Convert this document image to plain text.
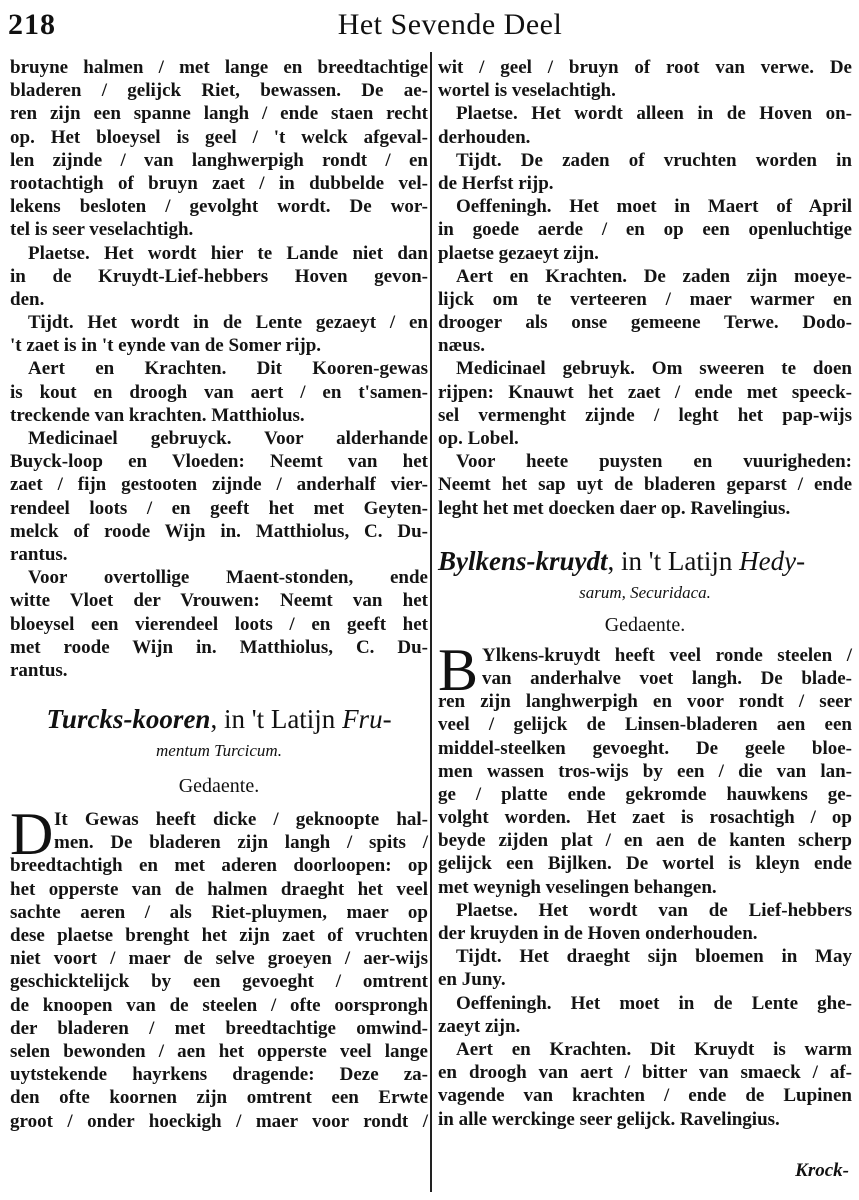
218	Het Sevende Deel
bruyne halmen / met lange en breedtachtige
bladeren / gelijck Riet, bewassen. De ae-
ren zijn een spanne langh / ende staen recht
op. Het bloeysel is geel / 't welck afgeval-
len zijnde / van langhwerpigh rondt / en
rootachtigh of bruyn zaet / in dubbelde vel-
lekens besloten / gevolght wordt. De wor-
tel is seer veselachtigh.
Plaetse. Het wordt hier te Lande niet dan
in de Kruydt-Lief-hebbers Hoven gevon-
den.
Tijdt. Het wordt in de Lente gezaeyt / en
't zaet is in 't eynde van de Somer rijp.
Aert en Krachten. Dit Kooren-gewas
is kout en droogh van aert / en t'samen-
treckende van krachten. Matthiolus.
Medicinael gebruyck. Voor alderhande
Buyck-loop en Vloeden: Neemt van het
zaet / fijn gestooten zijnde / anderhalf vier-
rendeel loots / en geeft het met Geyten-
melck of roode Wijn in. Matthiolus, C. Du-
rantus.
Voor overtollige Maent-stonden, ende
witte Vloet der Vrouwen: Neemt van het
bloeysel een vierendeel loots / en geeft het
met roode Wijn in. Matthiolus, C. Du-
rantus.
Turcks-kooren, in 't Latijn Fru-
mentum Turcicum.
Gedaente.
D It Gewas heeft dicke / geknoopte hal-
men. De bladeren zijn langh / spits /
breedtachtigh en met aderen doorloopen: op
het opperste van de halmen draeght het veel
sachte aeren / als Riet-pluymen, maer op
dese plaetse brenght het zijn zaet of vruchten
niet voort / maer de selve groeyen / aer-wijs
geschicktelijck by een gevoeght / omtrent
de knoopen van de steelen / ofte oorsprongh
der bladeren / met breedtachtige omwind-
selen bewonden / aen het opperste veel lange
uytstekende hayrkens dragende: Deze za-
den ofte koornen zijn omtrent een Erwte
groot / onder hoeckigh / maer voor rondt /
wit / geel / bruyn of root van verwe. De
wortel is veselachtigh.
Plaetse. Het wordt alleen in de Hoven on-
derhouden.
Tijdt. De zaden of vruchten worden in
de Herfst rijp.
Oeffeningh. Het moet in Maert of April
in goede aerde / en op een openluchtige
plaetse gezaeyt zijn.
Aert en Krachten. De zaden zijn moeye-
lijck om te verteeren / maer warmer en
drooger als onse gemeene Terwe. Dodo-
næus.
Medicinael gebruyk. Om sweeren te doen
rijpen: Knauwt het zaet / ende met speeck-
sel vermenght zijnde / leght het pap-wijs
op. Lobel.
Voor heete puysten en vuurigheden:
Neemt het sap uyt de bladeren geparst / ende
leght het met doecken daer op. Ravelingius.
Bylkens-kruydt, in 't Latijn Hedy-
sarum, Securidaca.
Gedaente.
B Ylkens-kruydt heeft veel ronde steelen /
van anderhalve voet langh. De blade-
ren zijn langhwerpigh en voor rondt / seer
veel / gelijck de Linsen-bladeren aen een
middel-steelken gevoeght. De geele bloe-
men wassen tros-wijs by een / die van lan-
ge / platte ende gekromde hauwkens ge-
volght worden. Het zaet is rosachtigh / op
beyde zijden plat / en aen de kanten scherp
gelijck een Bijlken. De wortel is kleyn ende
met weynigh veselingen behangen.
Plaetse. Het wordt van de Lief-hebbers
der kruyden in de Hoven onderhouden.
Tijdt. Het draeght sijn bloemen in May
en Juny.
Oeffeningh. Het moet in de Lente ghe-
zaeyt zijn.
Aert en Krachten. Dit Kruydt is warm
en droogh van aert / bitter van smaeck / af-
vagende van krachten / ende de Lupinen
in alle werckinge seer gelijck. Ravelingius.
Krock-
